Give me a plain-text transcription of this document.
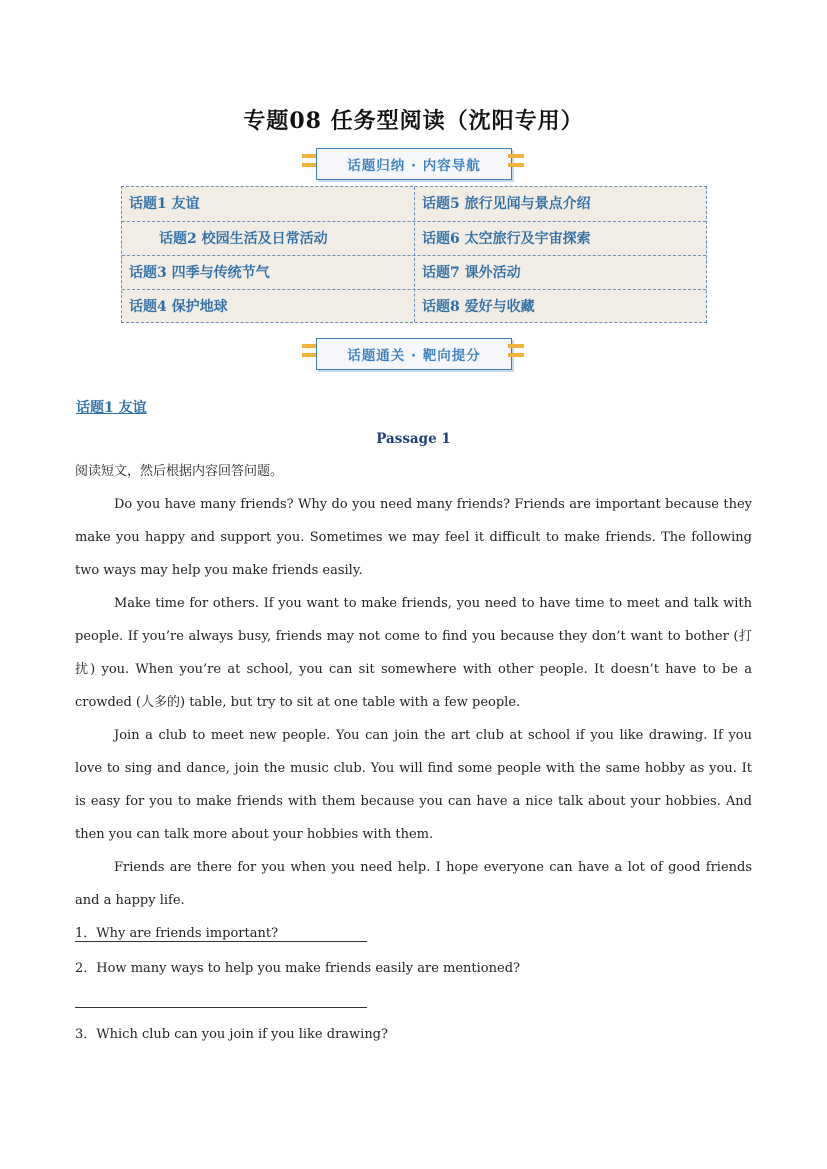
专题08 任务型阅读（沈阳专用）
话题归纳 · 内容导航
话题1 友谊	话题5 旅行见闻与景点介绍
话题2 校园生活及日常活动	话题6 太空旅行及宇宙探索
话题3 四季与传统节气	话题7 课外活动
话题4 保护地球	话题8 爱好与收藏
话题通关 · 靶向提分
话题1 友谊
Passage 1
阅读短文，然后根据内容回答问题。
Do you have many friends? Why do you need many friends? Friends are important because they make you happy and support you. Sometimes we may feel it difficult to make friends. The following two ways may help you make friends easily.
Make time for others. If you want to make friends, you need to have time to meet and talk with people. If you’re always busy, friends may not come to find you because they don’t want to bother (打扰) you. When you’re at school, you can sit somewhere with other people. It doesn’t have to be a crowded (人多的) table, but try to sit at one table with a few people.
Join a club to meet new people. You can join the art club at school if you like drawing. If you love to sing and dance, join the music club. You will find some people with the same hobby as you. It is easy for you to make friends with them because you can have a nice talk about your hobbies. And then you can talk more about your hobbies with them.
Friends are there for you when you need help. I hope everyone can have a lot of good friends and a happy life.
1．Why are friends important?
2．How many ways to help you make friends easily are mentioned?
3．Which club can you join if you like drawing?
